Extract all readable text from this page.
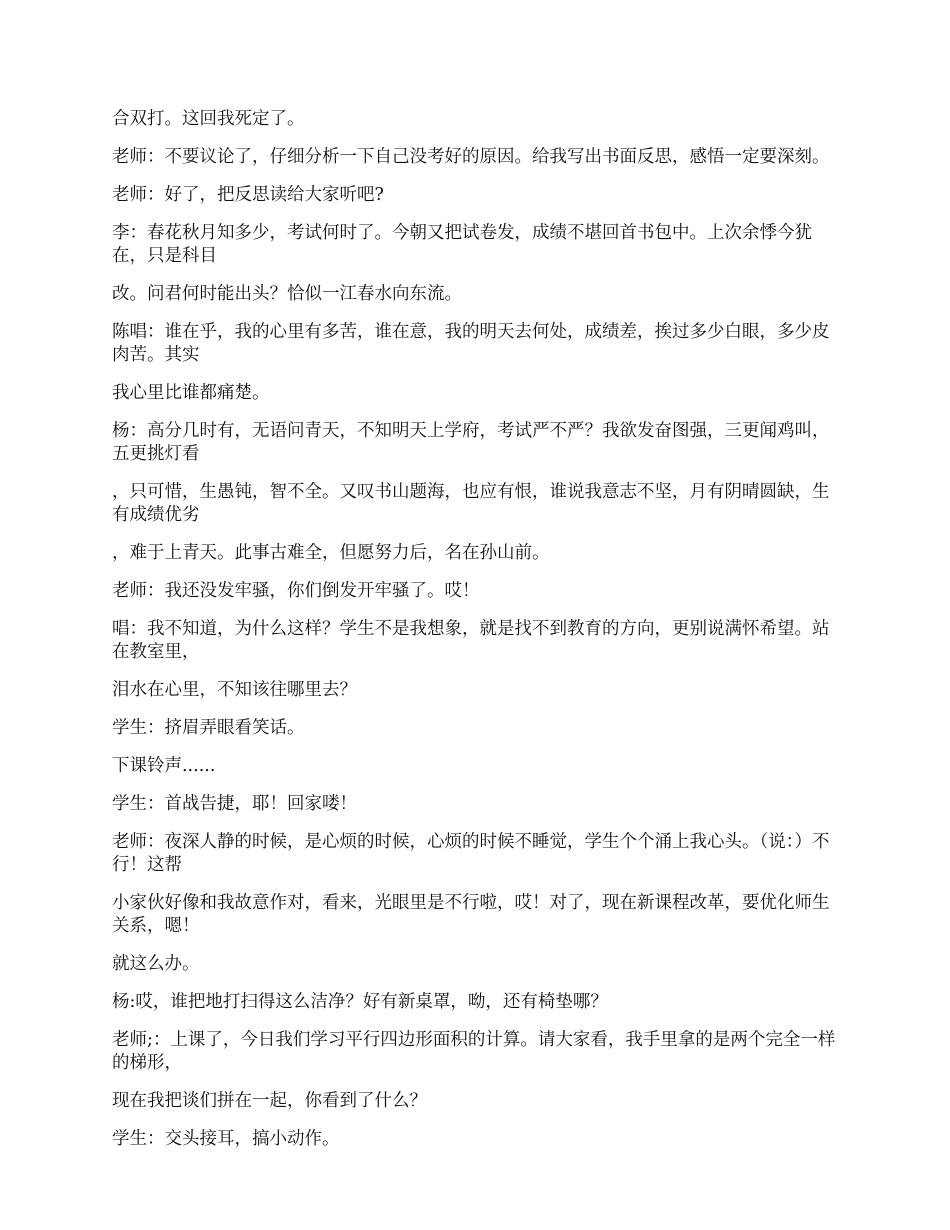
合双打。这回我死定了。

老师：不要议论了，仔细分析一下自己没考好的原因。给我写出书面反思，感悟一定要深刻。

老师：好了，把反思读给大家听吧?

李：春花秋月知多少，考试何时了。今朝又把试卷发，成绩不堪回首书包中。上次余悸今犹在，只是科目

改。问君何时能出头？恰似一江春水向东流。

陈唱：谁在乎，我的心里有多苦，谁在意，我的明天去何处，成绩差，挨过多少白眼，多少皮肉苦。其实

我心里比谁都痛楚。

杨：高分几时有，无语问青天，不知明天上学府，考试严不严？我欲发奋图强，三更闻鸡叫，五更挑灯看

，只可惜，生愚钝，智不全。又叹书山题海，也应有恨，谁说我意志不坚，月有阴晴圆缺，生有成绩优劣

，难于上青天。此事古难全，但愿努力后，名在孙山前。

老师：我还没发牢骚，你们倒发开牢骚了。哎！

唱：我不知道，为什么这样？学生不是我想象，就是找不到教育的方向，更别说满怀希望。站在教室里，

泪水在心里，不知该往哪里去？

学生：挤眉弄眼看笑话。

下课铃声......

学生：首战告捷，耶！回家喽！

老师：夜深人静的时候，是心烦的时候，心烦的时候不睡觉，学生个个涌上我心头。（说：）不行！这帮

小家伙好像和我故意作对，看来，光眼里是不行啦，哎！对了，现在新课程改革，要优化师生关系，嗯！

就这么办。

杨:哎，谁把地打扫得这么洁净？好有新桌罩，呦，还有椅垫哪？

老师;：上课了，今日我们学习平行四边形面积的计算。请大家看，我手里拿的是两个完全一样的梯形，

现在我把谈们拼在一起，你看到了什么？

学生：交头接耳，搞小动作。
